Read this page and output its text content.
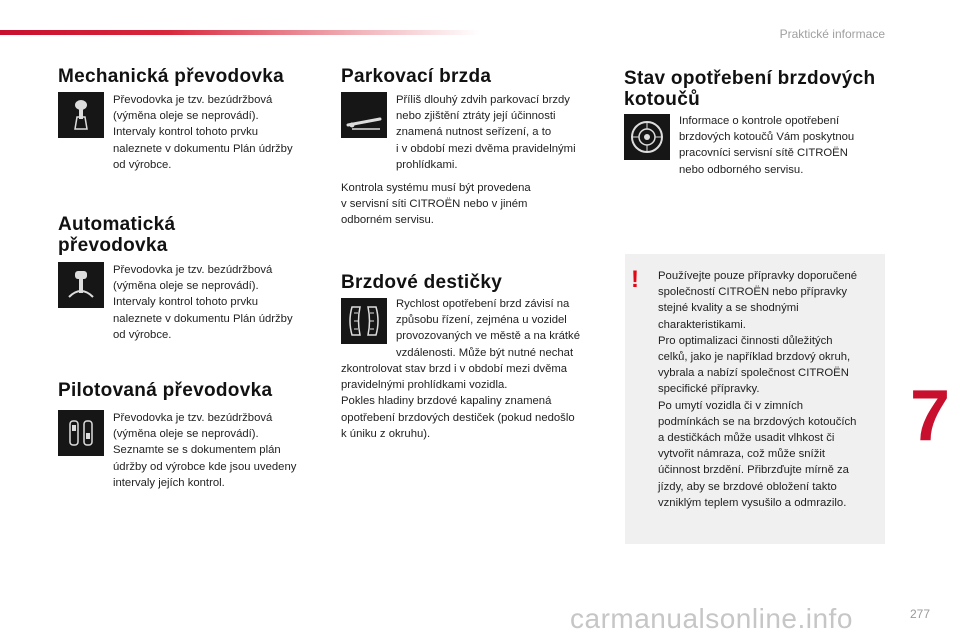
Praktické informace
277
7
carmanualsonline.info
Mechanická převodovka

Převodovka je tzv. bezúdržbová
(výměna oleje se neprovádí).
Intervaly kontrol tohoto prvku
naleznete v dokumentu Plán údržby
od výrobce.

Automatická
převodovka

Převodovka je tzv. bezúdržbová
(výměna oleje se neprovádí).
Intervaly kontrol tohoto prvku
naleznete v dokumentu Plán údržby
od výrobce.

Pilotovaná převodovka

Převodovka je tzv. bezúdržbová
(výměna oleje se neprovádí).
Seznamte se s dokumentem plán
údržby od výrobce kde jsou uvedeny
intervaly jejích kontrol.

Parkovací brzda

Příliš dlouhý zdvih parkovací brzdy
nebo zjištění ztráty její účinnosti
znamená nutnost seřízení, a to
i v období mezi dvěma pravidelnými
prohlídkami.

Kontrola systému musí být provedena
v servisní síti CITROËN nebo v jiném
odborném servisu.

Brzdové destičky

Rychlost opotřebení brzd závisí na
způsobu řízení, zejména u vozidel
provozovaných ve městě a na krátké
vzdálenosti. Může být nutné nechat

zkontrolovat stav brzd i v období mezi dvěma
pravidelnými prohlídkami vozidla.
Pokles hladiny brzdové kapaliny znamená
opotřebení brzdových destiček (pokud nedošlo
k úniku z okruhu).

Stav opotřebení brzdových
kotoučů

Informace o kontrole opotřebení
brzdových kotoučů Vám poskytnou
pracovníci servisní sítě CITROËN
nebo odborného servisu.

! Používejte pouze přípravky doporučené
společností CITROËN nebo přípravky
stejné kvality a se shodnými
charakteristikami.
Pro optimalizaci činnosti důležitých
celků, jako je například brzdový okruh,
vybrala a nabízí společnost CITROËN
specifické přípravky.
Po umytí vozidla či v zimních
podmínkách se na brzdových kotoučích
a destičkách může usadit vlhkost či
vytvořit námraza, což může snížit
účinnost brzdění. Přibrzďujte mírně za
jízdy, aby se brzdové obložení takto
vzniklým teplem vysušilo a odmrazilo.
